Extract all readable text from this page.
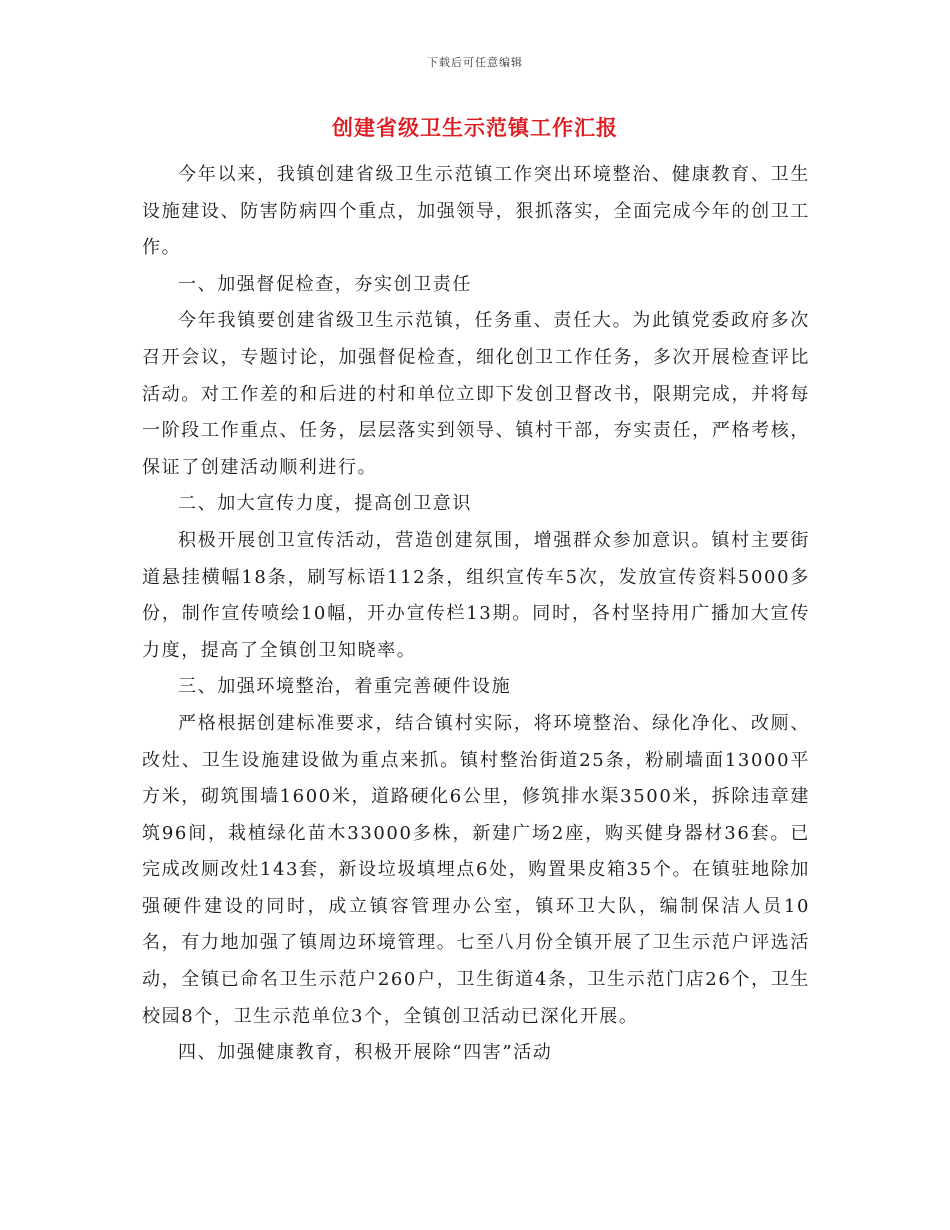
下载后可任意编辑
创建省级卫生示范镇工作汇报

今年以来，我镇创建省级卫生示范镇工作突出环境整治、健康教育、卫生设施建设、防害防病四个重点，加强领导，狠抓落实，全面完成今年的创卫工作。

一、加强督促检查，夯实创卫责任

今年我镇要创建省级卫生示范镇，任务重、责任大。为此镇党委政府多次召开会议，专题讨论，加强督促检查，细化创卫工作任务，多次开展检查评比活动。对工作差的和后进的村和单位立即下发创卫督改书，限期完成，并将每一阶段工作重点、任务，层层落实到领导、镇村干部，夯实责任，严格考核，保证了创建活动顺利进行。

二、加大宣传力度，提高创卫意识

积极开展创卫宣传活动，营造创建氛围，增强群众参加意识。镇村主要街道悬挂横幅18条，刷写标语112条，组织宣传车5次，发放宣传资料5000多份，制作宣传喷绘10幅，开办宣传栏13期。同时，各村坚持用广播加大宣传力度，提高了全镇创卫知晓率。

三、加强环境整治，着重完善硬件设施

严格根据创建标准要求，结合镇村实际，将环境整治、绿化净化、改厕、改灶、卫生设施建设做为重点来抓。镇村整治街道25条，粉刷墙面13000平方米，砌筑围墙1600米，道路硬化6公里，修筑排水渠3500米，拆除违章建筑96间，栽植绿化苗木33000多株，新建广场2座，购买健身器材36套。已完成改厕改灶143套，新设垃圾填埋点6处，购置果皮箱35个。在镇驻地除加强硬件建设的同时，成立镇容管理办公室，镇环卫大队，编制保洁人员10名，有力地加强了镇周边环境管理。七至八月份全镇开展了卫生示范户评选活动，全镇已命名卫生示范户260户，卫生街道4条，卫生示范门店26个，卫生校园8个，卫生示范单位3个，全镇创卫活动已深化开展。

四、加强健康教育，积极开展除“四害”活动
